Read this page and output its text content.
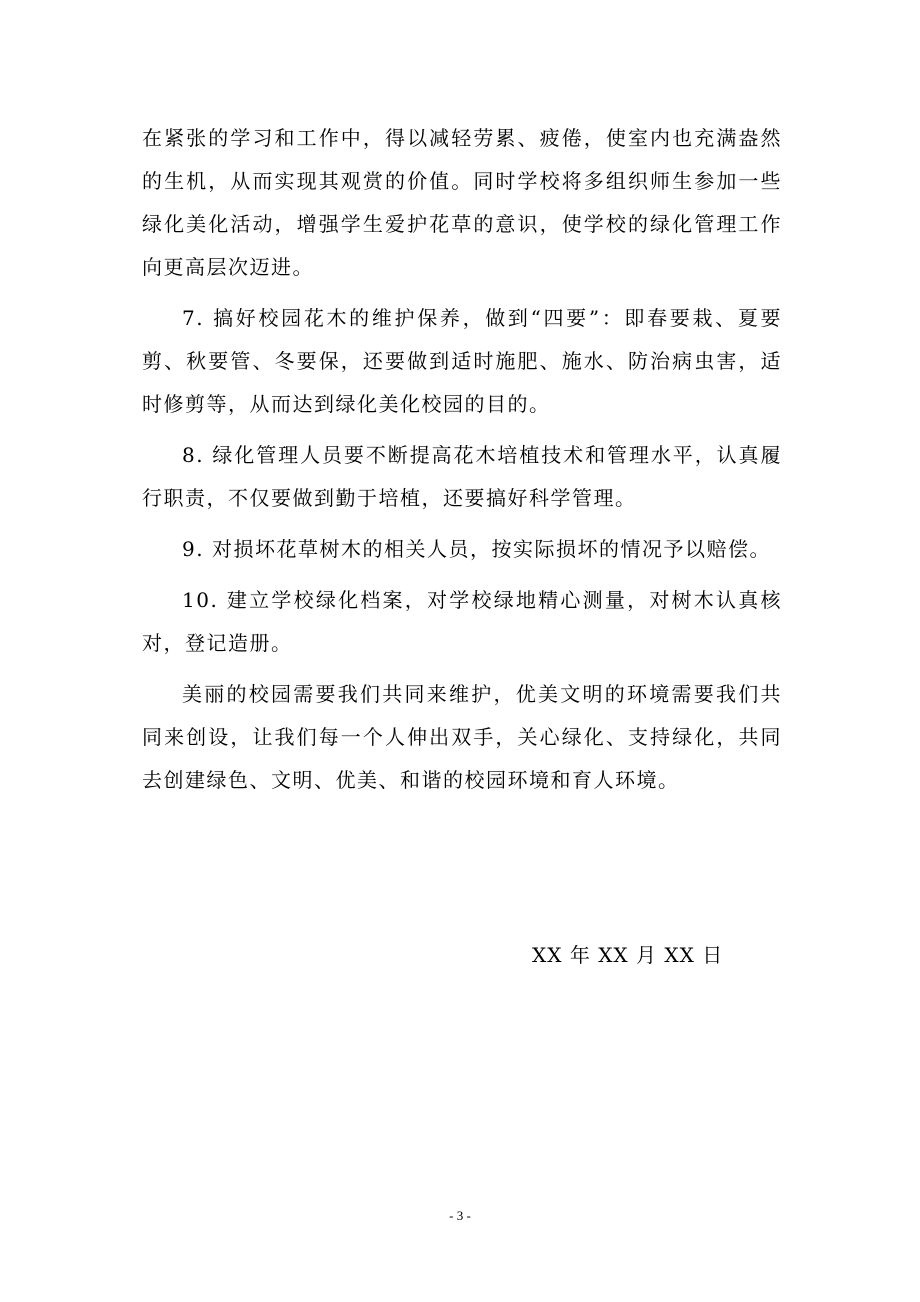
在紧张的学习和工作中，得以减轻劳累、疲倦，使室内也充满盎然的生机，从而实现其观赏的价值。同时学校将多组织师生参加一些绿化美化活动，增强学生爱护花草的意识，使学校的绿化管理工作向更高层次迈进。

7. 搞好校园花木的维护保养，做到“四要”：即春要栽、夏要剪、秋要管、冬要保，还要做到适时施肥、施水、防治病虫害，适时修剪等，从而达到绿化美化校园的目的。

8. 绿化管理人员要不断提高花木培植技术和管理水平，认真履行职责，不仅要做到勤于培植，还要搞好科学管理。

9. 对损坏花草树木的相关人员，按实际损坏的情况予以赔偿。

10. 建立学校绿化档案，对学校绿地精心测量，对树木认真核对，登记造册。

美丽的校园需要我们共同来维护，优美文明的环境需要我们共同来创设，让我们每一个人伸出双手，关心绿化、支持绿化，共同去创建绿色、文明、优美、和谐的校园环境和育人环境。

XX 年 XX 月 XX 日
- 3 -
